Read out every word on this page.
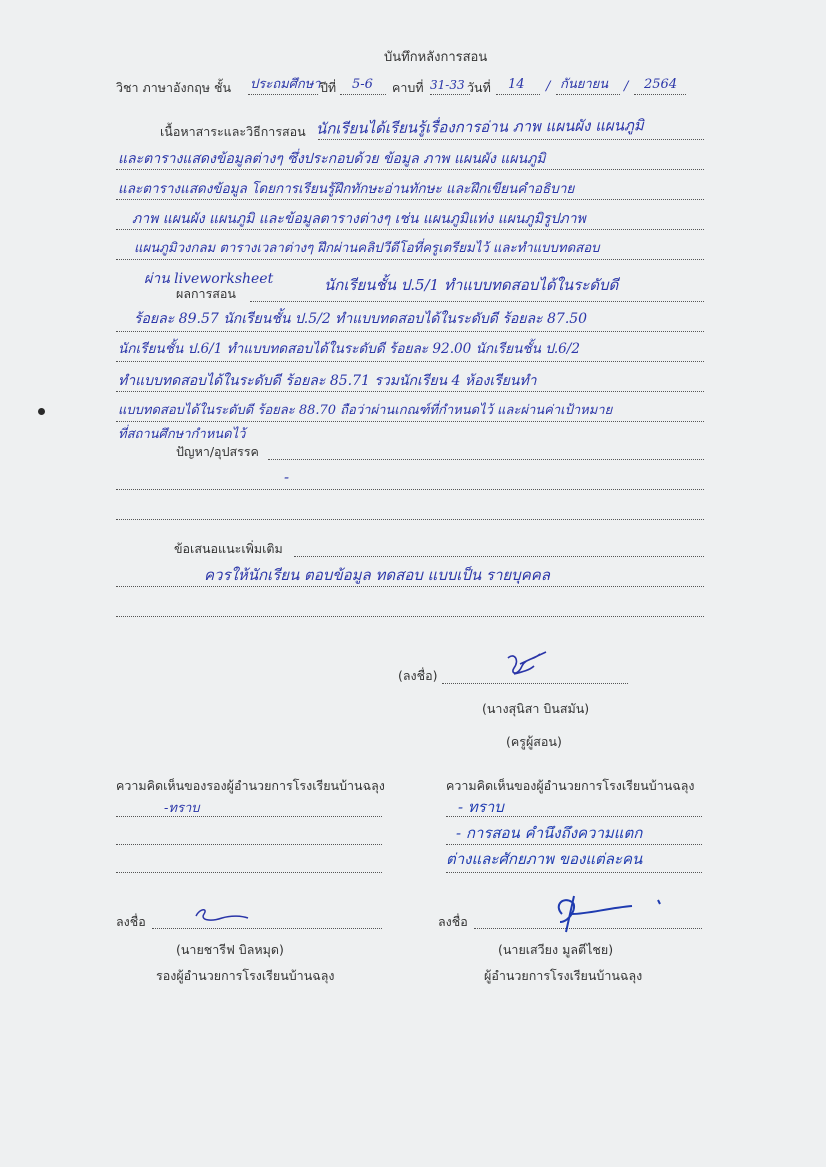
บันทึกหลังการสอน
วิชา ภาษาอังกฤษ ชั้น ประถมศึกษา ปีที่ 5-6 คาบที่ 31-33 วันที่ 14 / กันยายน / 2564
เนื้อหาสาระและวิธีการสอน นักเรียนได้เรียนรู้เรื่องการอ่าน ภาพ แผนผัง แผนภูมิ
และตารางแสดงข้อมูลต่างๆ ซึ่งประกอบด้วย ข้อมูล ภาพ แผนผัง แผนภูมิ
และตารางแสดงข้อมูล โดยการเรียนรู้ฝึกทักษะอ่านทักษะ และฝึกเขียนคำอธิบาย
ภาพ แผนผัง แผนภูมิ และข้อมูลตารางต่างๆ เช่น แผนภูมิแท่ง แผนภูมิรูปภาพ
แผนภูมิวงกลม ตารางเวลาต่างๆ ฝึกผ่านคลิปวีดีโอที่ครูเตรียมไว้ และทำแบบทดสอบ
ผ่าน liveworksheet
ผลการสอน	นักเรียนชั้น ป.5/1 ทำแบบทดสอบได้ในระดับดี
ร้อยละ 89.57 นักเรียนชั้น ป.5/2 ทำแบบทดสอบได้ในระดับดี ร้อยละ 87.50
นักเรียนชั้น ป.6/1 ทำแบบทดสอบได้ในระดับดี ร้อยละ 92.00 นักเรียนชั้น ป.6/2
ทำแบบทดสอบได้ในระดับดี ร้อยละ 85.71 รวมนักเรียน 4 ห้องเรียนทำ
แบบทดสอบได้ในระดับดี ร้อยละ 88.70 ถือว่าผ่านเกณฑ์ที่กำหนดไว้ และผ่านค่าเป้าหมาย
ที่สถานศึกษากำหนดไว้
ปัญหา/อุปสรรค
-
ข้อเสนอแนะเพิ่มเติม
ควรให้นักเรียน ตอบข้อมูล ทดสอบ แบบเป็น รายบุคคล
(ลงชื่อ)
(นางสุนิสา บินสมัน)
(ครูผู้สอน)
ความคิดเห็นของรองผู้อำนวยการโรงเรียนบ้านฉลุง
-ทราบ
ลงชื่อ
(นายชารีฟ บิลหมุด)
รองผู้อำนวยการโรงเรียนบ้านฉลุง
ความคิดเห็นของผู้อำนวยการโรงเรียนบ้านฉลุง
- ทราบ
- การสอน คำนึงถึงความแตก
ต่างและศักยภาพ ของแต่ละคน
ลงชื่อ
(นายเสวียง มูลตีไชย)
ผู้อำนวยการโรงเรียนบ้านฉลุง
